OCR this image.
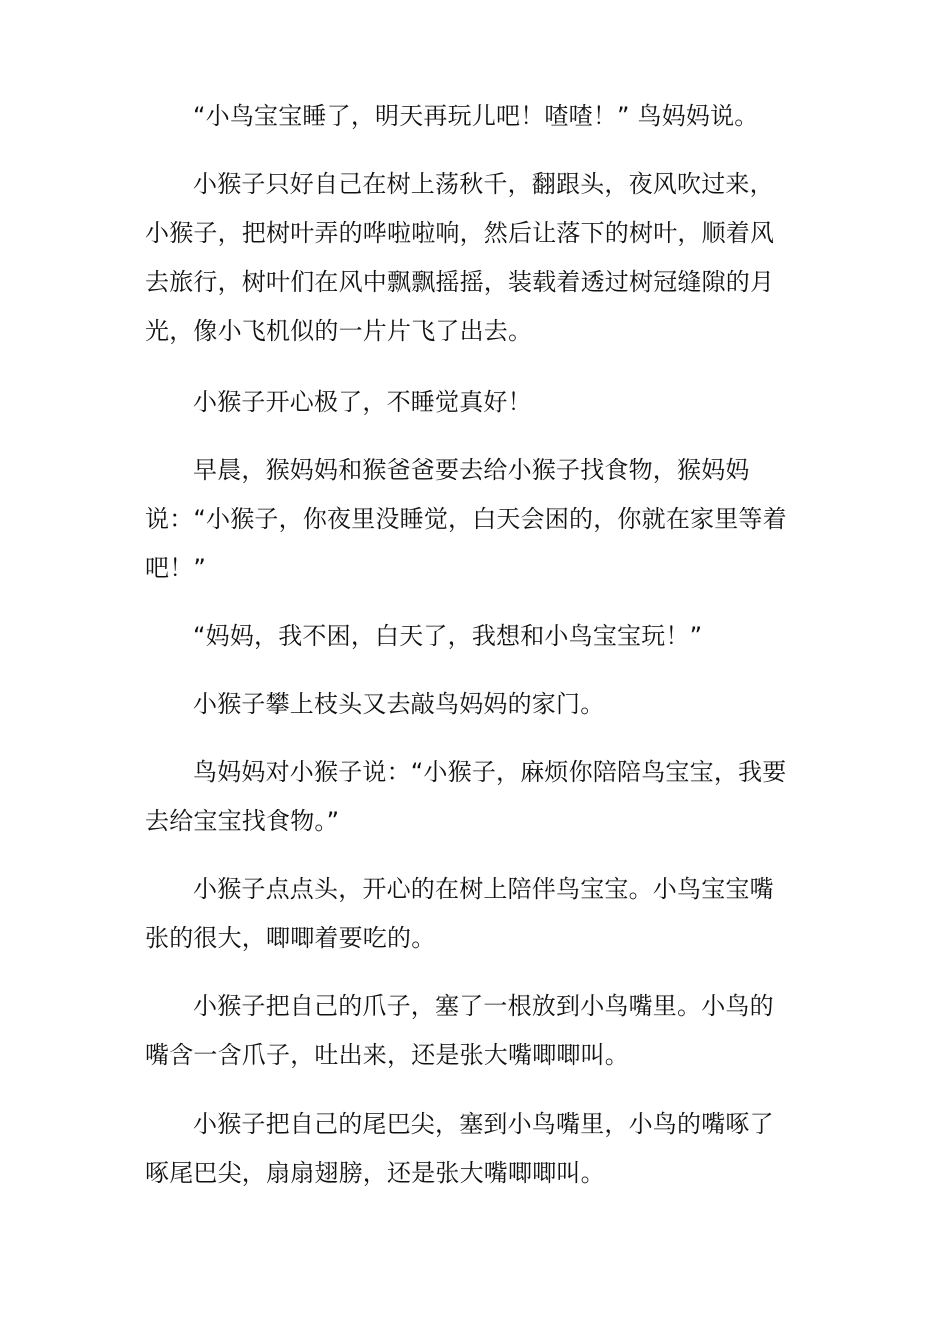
“小鸟宝宝睡了，明天再玩儿吧！喳喳！” 鸟妈妈说。

小猴子只好自己在树上荡秋千，翻跟头，夜风吹过来，小猴子，把树叶弄的哗啦啦响，然后让落下的树叶，顺着风去旅行，树叶们在风中飘飘摇摇，装载着透过树冠缝隙的月光，像小飞机似的一片片飞了出去。

小猴子开心极了，不睡觉真好！

早晨，猴妈妈和猴爸爸要去给小猴子找食物，猴妈妈说：“小猴子，你夜里没睡觉，白天会困的，你就在家里等着吧！”

“妈妈，我不困，白天了，我想和小鸟宝宝玩！”

小猴子攀上枝头又去敲鸟妈妈的家门。

鸟妈妈对小猴子说：“小猴子，麻烦你陪陪鸟宝宝，我要去给宝宝找食物。”

小猴子点点头，开心的在树上陪伴鸟宝宝。小鸟宝宝嘴张的很大，唧唧着要吃的。

小猴子把自己的爪子，塞了一根放到小鸟嘴里。小鸟的嘴含一含爪子，吐出来，还是张大嘴唧唧叫。

小猴子把自己的尾巴尖，塞到小鸟嘴里，小鸟的嘴啄了啄尾巴尖，扇扇翅膀，还是张大嘴唧唧叫。
